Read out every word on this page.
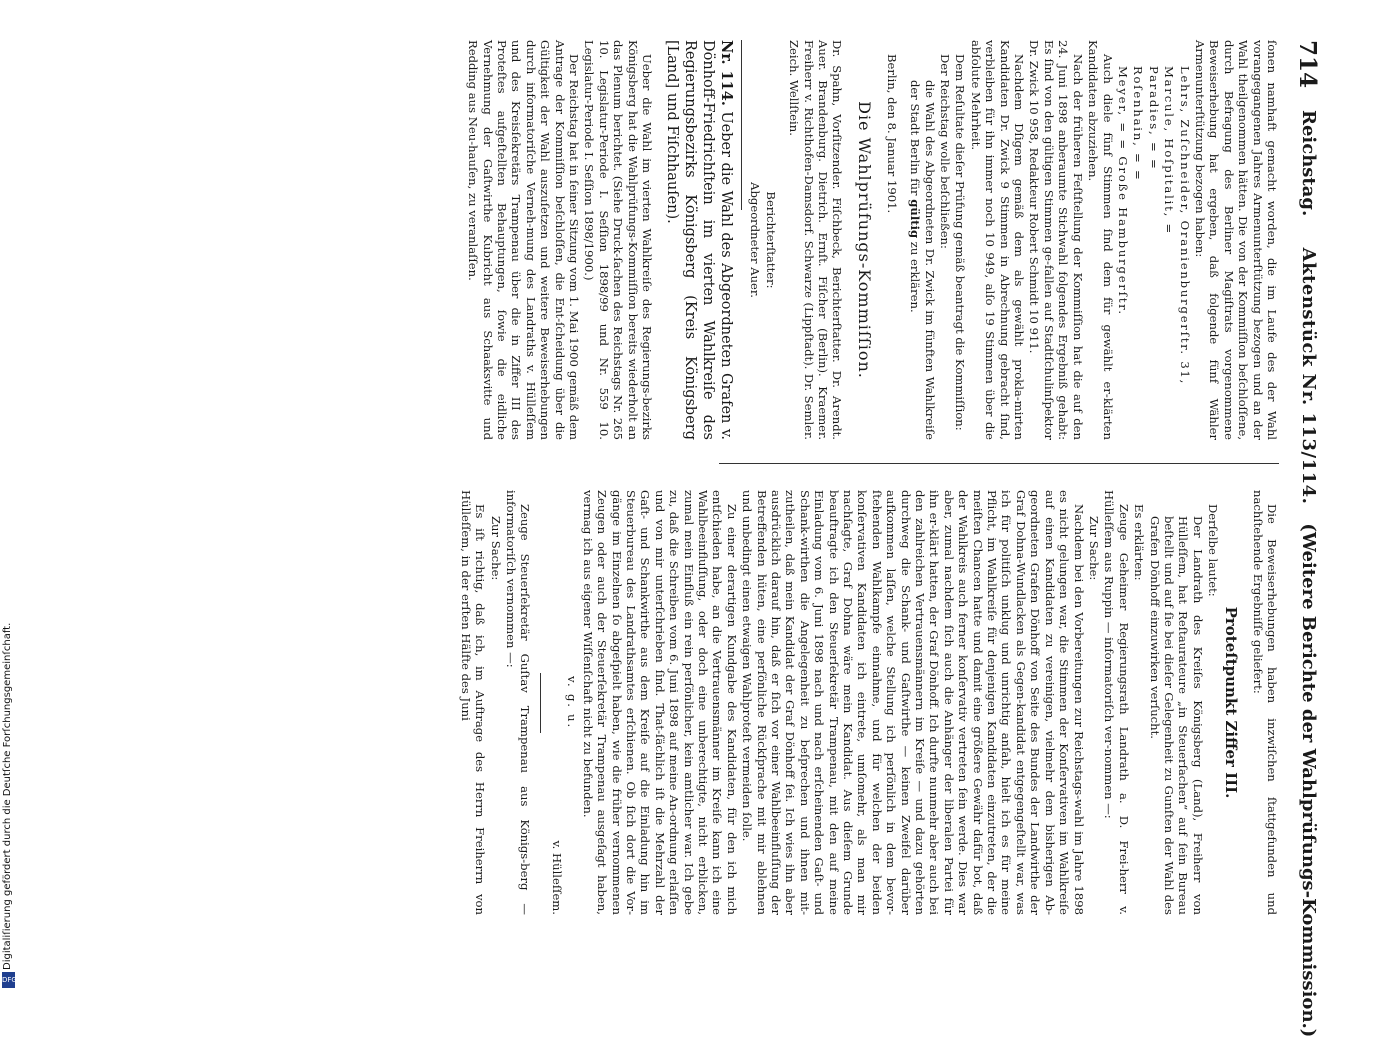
714
Reichstag.     Aktenstück Nr. 113/114.   (Weitere Berichte der Wahlprüfungs-Kommission.)

ſonen namhaft gemacht worden, die im Laufe des der Wahl vorangegangenen Jahres Armenunterſtützung bezogen und an der Wahl theilgenommen hätten. Die von der Kommiſſion beſchloſſene, durch Befragung des Berliner Magiſtrats vorgenommene Beweiserhebung hat ergeben, daß folgende fünf Wähler Armenunterſtützung bezogen haben:

Lehrs, Zuſchneider, Oranienburgerſtr. 31,

Marcule, Hoſpitalit, =

Paradies, = =

Roſenhain, = =

Meyer, = = Große Hamburgerſtr.

Auch diele fünf Stimmen ſind dem für gewählt er-klärten Kandidaten abzuziehen.

Nach der früheren Feſtſtellung der Kommiſſion hat die auf den 24. Juni 1898 anberaumte Stichwahl folgendes Ergebniß gehabt: Es ſind von den gültigen Stimmen ge-fallen auf Stadtſchulinſpektor Dr. Zwick 10 958, Redakteur Robert Schmidt 10 911.

Nachdem Dſigem gemäß dem als gewählt prokla-mirten Kandidaten Dr. Zwick 9 Stimmen in Abrechnung gebracht ſind, verbleiben für ihn immer noch 10 949, alſo 19 Stimmen über die abſolute Mehrheit.

Dem Reſultate dieſer Prüfung gemäß beantragt die Kommiſſion:

Der Reichstag wolle beſchließen:

die Wahl des Abgeordneten Dr. Zwick im fünften Wahlkreiſe der Stadt Berlin für gültig zu erklären.

Berlin, den 8. Januar 1901.

Die Wahlprüfungs-Kommiſſion.

Dr. Spahn, Vorſitzender. Fiſchbeck, Berichterſtatter. Dr. Arendt. Auer. Brandenburg. Dietrich. Ernſt. Fiſcher (Berlin). Kraemer. Freiherr v. Richthofen-Damsdorf. Schwarze (Lippſtadt). Dr. Semler. Zeich. Wellſtein.

Berichterſtatter:

Abgeordneter Auer.

Nr. 114. Ueber die Wahl des Abgeordneten Grafen v. Dönhoff-Friedrichſtein im vierten Wahlkreiſe des Regierungsbezirks Königsberg (Kreis Königsberg [Land] und Fiſchhauſen).

Ueber die Wahl im vierten Wahlkreiſe des Regierungs-bezirks Königsberg hat die Wahlprüfungs-Kommiſſion bereits wiederholt an das Plenum berichtet. (Siehe Druck-ſachen des Reichstags Nr. 265 10. Legislatur-Periode I. Seſſion 1898/99 und Nr. 559 10. Legislatur-Periode I. Seſſion 1898/1900.)

Der Reichstag hat in ſeiner Sitzung vom 1. Mai 1900 gemäß dem Antrage der Kommiſſion beſchloſſen, die Ent-ſcheidung über die Gültigkeit der Wahl auszuſetzen und weitere Beweiserhebungen durch informatoriſche Verneh-mung des Landraths v. Hülleſſem und des Kreisſekretärs Trampenau über die in Ziffer III des Proteſtes aufgeſtellten Behauptungen, ſowie die eidliche Vernehmung der Gaſtwirthe Kubricht aus Schaaksvitte und Redding aus Neu-hauſen, zu veranlaſſen.

Die Beweiserhebungen haben inzwiſchen ſtattgefunden und nachſtehende Ergebniſſe geliefert:

Proteſtpunkt Ziffer III.

Derſelbe lautet:

Der Landrath des Kreiſes Königsberg (Land), Freiherr von Hülleſſem, hat Reſtaurateure „in Steuerſachen“ auf ſein Bureau beſtellt und auf ſie bei dieſer Gelegenheit zu Gunſten der Wahl des Grafen Dönhoff einzuwirken verſucht.

Es erklärten:

Zeuge Geheimer Regierungsrath Landrath a. D. Frei-herr v. Hülleſſem aus Ruppin — informatoriſch ver-nommen —:

Zur Sache:

Nachdem bei den Vorbereitungen zur Reichstags-wahl im Jahre 1898 es nicht gelungen war, die Stimmen der Konſervativen im Wahlkreiſe auf einen Kandidaten zu vereinigen, vielmehr dem bisherigen Ab-geordneten Grafen Dönhoff von Seite des Bundes der Landwirthe der Graf Dohna-Wundlacken als Gegen-kandidat entgegengeſtellt war, was ich für politiſch unklug und unrichtig anſah, hielt ich es für meine Pflicht, im Wahlkreiſe für denjenigen Kandidaten einzutreten, der die meiſten Chancen hatte und damit eine größere Gewähr dafür bot, daß der Wahlkreis auch ferner konſervativ vertreten ſein werde. Dies war aber, zumal nachdem ſich auch die Anhänger der liberalen Partei für ihn er-klärt hatten, der Graf Dönhoff. Ich durfte nunmehr aber auch bei den zahlreichen Vertrauensmännern im Kreiſe — und dazu gehörten durchweg die Schank- und Gaſtwirthe — keinen Zweifel darüber aufkommen laſſen, welche Stellung ich perſönlich in dem bevor-ſtehenden Wahlkampfe einnahme, und für welchen der beiden konſervativen Kandidaten ich eintrete, umſomehr, als man mir nachſagte, Graf Dohna wäre mein Kandidat. Aus dieſem Grunde beauftragte ich den Steuerſekretär Trampenau, mit den auf meine Einladung vom 6. Juni 1898 nach und nach erſcheinenden Gaſt- und Schank-wirthen die Angelegenheit zu beſprechen und ihnen mit-zutheilen, daß mein Kandidat der Graf Dönhoff ſei. Ich wies ihn aber ausdrücklich darauf hin, daß er ſich vor einer Wahlbeeinfluſſung der Betreffenden hüten, eine perſönliche Rückſprache mit mir ablehnen und unbedingt einen etwaigen Wahlproteſt vermeiden ſolle.

Zu einer derartigen Kundgabe des Kandidaten, für den ich mich entſchieden habe, an die Vertrauensmänner im Kreiſe kann ich eine Wahlbeeinfluſſung, oder doch eine unberechtigte, nicht erblicken, zumal mein Einfluß ein rein perſönlicher, kein amtlicher war. Ich gebe zu, daß die Schreiben vom 6. Juni 1898 auf meine An-ordnung erlaſſen und von mir unterſchrieben ſind. That-ſächlich iſt die Mehrzahl der Gaſt- und Schankwirthe aus dem Kreiſe auf die Einladung hin im Steuerbureau des Landrathsamtes erſchienen. Ob ſich dort die Vor-gänge im Einzelnen ſo abgeſpielt haben, wie die früher vernommenen Zeugen oder auch der Steuerſekretär Trampenau ausgeſagt haben, vermag ich aus eigener Wiſſenſchaft nicht zu befunden.

v. g. u.

v. Hülleſſem.

Zeuge Steuerſekretär Guſtav Trampenau aus Königs-berg — informatoriſch vernommen —:

Zur Sache:

Es iſt richtig, daß ich, im Auftrage des Herrn Freiherrn von Hülleſſem, in der erſten Hälfte des Juni

Digitaliſierung gefördert durch die Deutſche Forſchungsgemeinſchaft.
DFG
